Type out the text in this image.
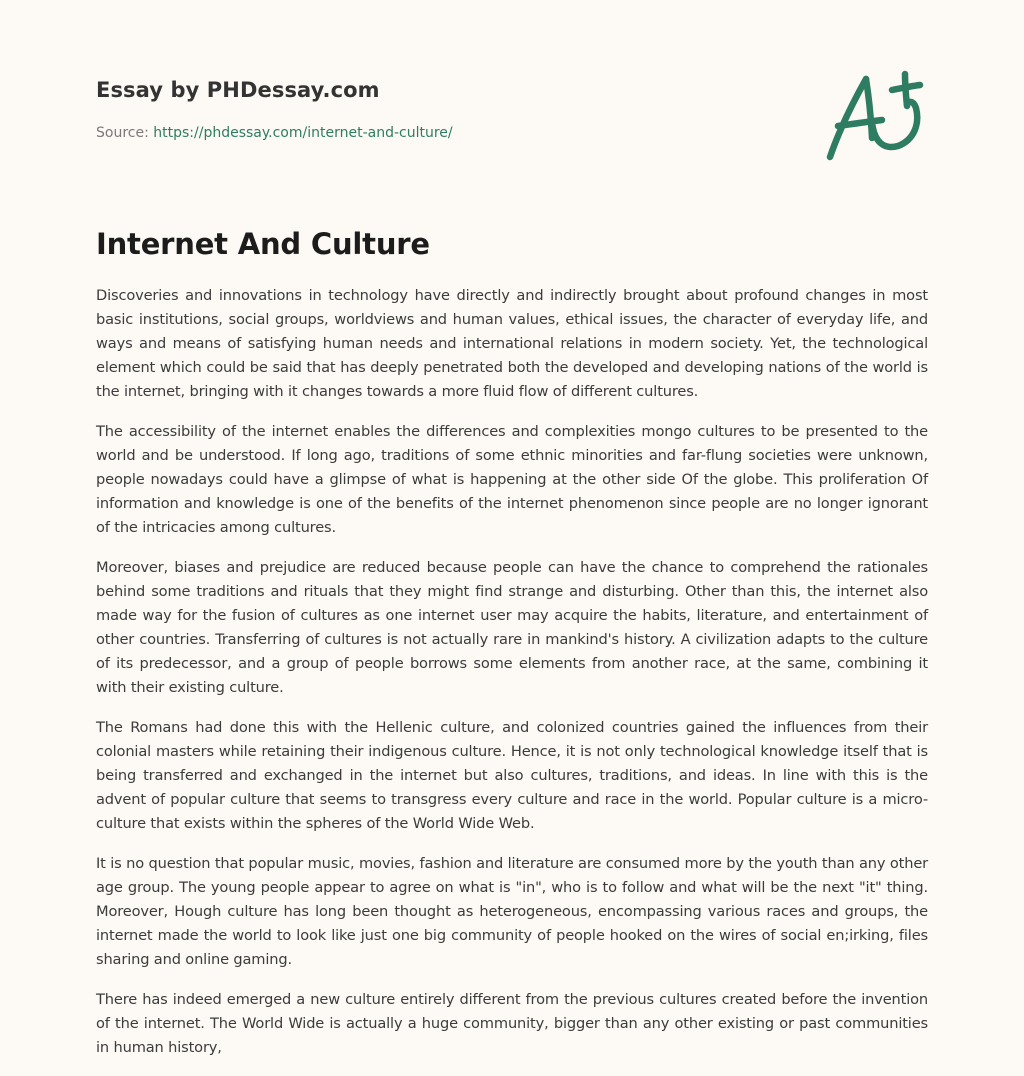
Essay by PHDessay.com
Source: https://phdessay.com/internet-and-culture/
Internet And Culture

Discoveries and innovations in technology have directly and indirectly brought about profound changes in most basic institutions, social groups, worldviews and human values, ethical issues, the character of everyday life, and ways and means of satisfying human needs and international relations in modern society. Yet, the technological element which could be said that has deeply penetrated both the developed and developing nations of the world is the internet, bringing with it changes towards a more fluid flow of different cultures.

The accessibility of the internet enables the differences and complexities mongo cultures to be presented to the world and be understood. If long ago, traditions of some ethnic minorities and far-flung societies were unknown, people nowadays could have a glimpse of what is happening at the other side Of the globe. This proliferation Of information and knowledge is one of the benefits of the internet phenomenon since people are no longer ignorant of the intricacies among cultures.

Moreover, biases and prejudice are reduced because people can have the chance to comprehend the rationales behind some traditions and rituals that they might find strange and disturbing. Other than this, the internet also made way for the fusion of cultures as one internet user may acquire the habits, literature, and entertainment of other countries. Transferring of cultures is not actually rare in mankind's history. A civilization adapts to the culture of its predecessor, and a group of people borrows some elements from another race, at the same, combining it with their existing culture.

The Romans had done this with the Hellenic culture, and colonized countries gained the influences from their colonial masters while retaining their indigenous culture. Hence, it is not only technological knowledge itself that is being transferred and exchanged in the internet but also cultures, traditions, and ideas. In line with this is the advent of popular culture that seems to transgress every culture and race in the world. Popular culture is a micro-culture that exists within the spheres of the World Wide Web.

It is no question that popular music, movies, fashion and literature are consumed more by the youth than any other age group. The young people appear to agree on what is "in", who is to follow and what will be the next "it" thing. Moreover, Hough culture has long been thought as heterogeneous, encompassing various races and groups, the internet made the world to look like just one big community of people hooked on the wires of social en;irking, files sharing and online gaming.

There has indeed emerged a new culture entirely different from the previous cultures created before the invention of the internet. The World Wide is actually a huge community, bigger than any other existing or past communities in human history,
